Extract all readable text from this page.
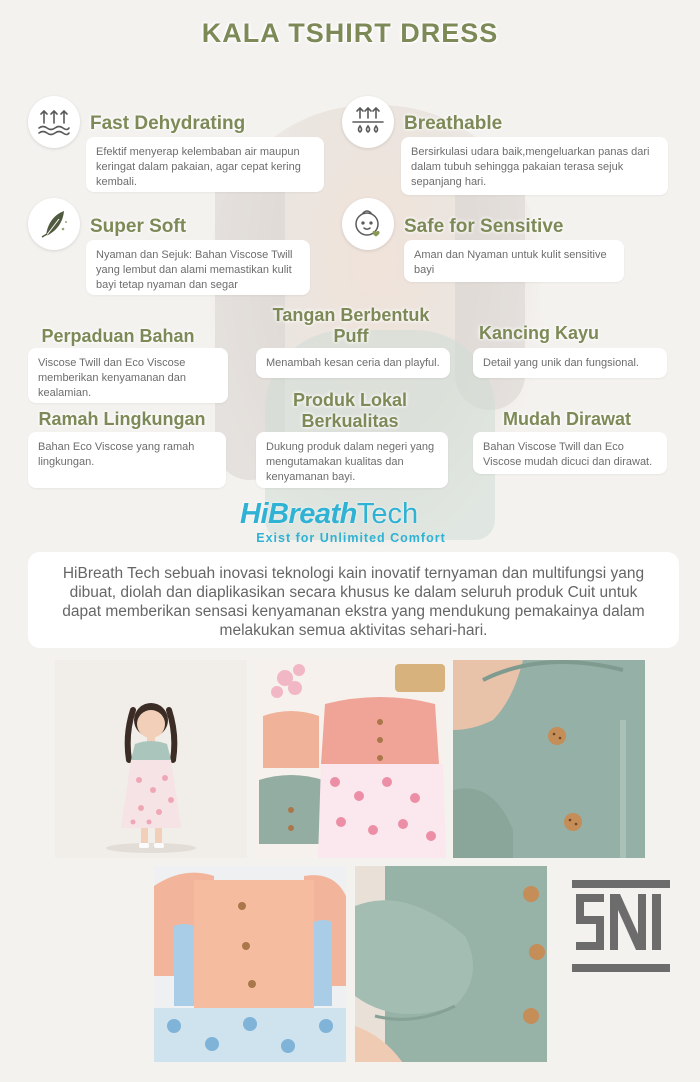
KALA TSHIRT DRESS
Fast Dehydrating
Efektif menyerap kelembaban air maupun keringat dalam pakaian, agar cepat kering kembali.
Breathable
Bersirkulasi udara baik,mengeluarkan panas dari dalam tubuh sehingga pakaian terasa sejuk sepanjang hari.
Super Soft
Nyaman dan Sejuk: Bahan Viscose Twill yang lembut dan alami memastikan kulit bayi tetap nyaman dan segar
Safe for Sensitive
Aman dan Nyaman untuk kulit sensitive bayi
Perpaduan Bahan
Viscose Twill dan Eco Viscose memberikan kenyamanan dan kealamian.
Tangan Berbentuk Puff
Menambah kesan ceria dan playful.
Kancing Kayu
Detail yang unik dan fungsional.
Ramah Lingkungan
Bahan Eco Viscose yang ramah lingkungan.
Produk Lokal Berkualitas
Dukung produk dalam negeri yang mengutamakan kualitas dan kenyamanan bayi.
Mudah Dirawat
Bahan Viscose Twill dan Eco Viscose mudah dicuci dan dirawat.
HiBreathTech
Exist for Unlimited Comfort
HiBreath Tech sebuah inovasi teknologi kain inovatif ternyaman dan multifungsi yang dibuat, diolah dan diaplikasikan secara khusus ke dalam seluruh produk Cuit untuk dapat memberikan sensasi kenyamanan ekstra yang mendukung pemakainya dalam melakukan semua aktivitas sehari-hari.
